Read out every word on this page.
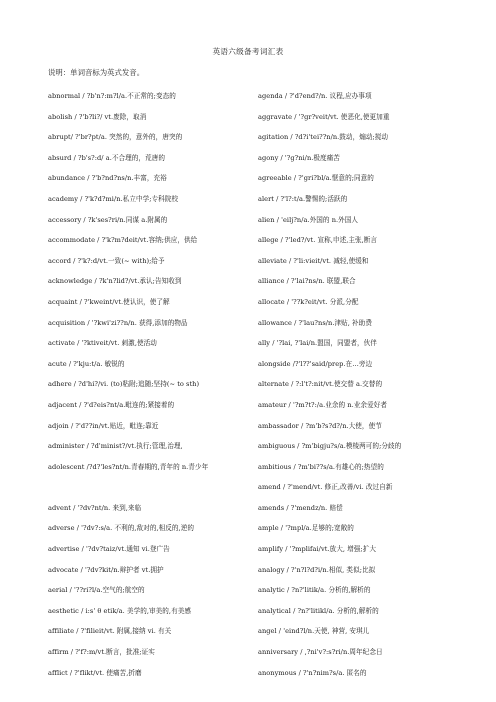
英语六级备考词汇表
说明：单词音标为英式发音。
abnormal / ?b'n?:m?l/a.不正常的;变态的
abolish / ?'b?li?/ vt.废除，取消
abrupt/ ?'br?pt/a. 突然的，意外的，唐突的
absurd / ?b's?:d/ a.不合理的，荒唐的
abundance / ?'b?nd?ns/n.丰富，充裕
academy / ?'k?d?mi/n.私立中学;专科院校
accessory / ?k'ses?ri/n.同谋 a.附属的
accommodate / ?'k?m?deit/vt.容纳;供应，供给
accord / ?'k?:d/vt.一致(~ with);给予
acknowledge / ?k'n?lid?/vt.承认;告知收到
acquaint / ?'kweint/vt.使认识，使了解
acquisition / '?kwi'zi??n/n. 获得,添加的物品
activate / '?ktiveit/vt. 刺激,使活动
acute / ?'kju:t/a. 敏锐的
adhere / ?d'hi?/vi. (to)粘附;追随;坚持(~ to sth)
adjacent / ?'d?eis?nt/a.毗连的;紧接着的
adjoin / ?'d??in/vt.贴近，毗连;靠近
administer / ?d'minist?/vt.执行;管理,治理,
adolescent /?d?'les?nt/n.青春期的,青年的 n.青少年
advent / '?dv?nt/n. 来到,来临
adverse / '?dv?:s/a. 不利的,敌对的,相反的,逆的
advertise / '?dv?taiz/vt.通知 vi.登广告
advocate / '?dv?kit/n.辩护者 vt.拥护
aerial / '??ri?l/a.空气的;航空的
aesthetic / i:s' θ etik/a. 美学的,审美的,有美感
affiliate / ?'filieit/vt. 附属,接纳 vi. 有关
affirm / ?'f?:m/vt.断言，批准;证实
afflict / ?'flikt/vt. 使痛苦,折磨
agenda / ?'d?end?/n. 议程,应办事项
aggravate / '?gr?veit/vt. 使恶化,使更加重
agitation / ?d?i'tei??n/n.鼓动，煽动;搅动
agony / '?g?ni/n.极度痛苦
agreeable / ?'gri?bl/a.惬意的;同意的
alert / ?'l?:t/a.警惕的;活跃的
alien / 'eilj?n/a.外国的 n.外国人
allege / ?'led?/vt. 宣称,申述,主张,断言
alleviate / ?'li:vieit/vt. 减轻,使缓和
alliance / ?'lai?ns/n. 联盟,联合
allocate / '??k?eit/vt. 分派,分配
allowance / ?'lau?ns/n.津贴, 补助费
ally / '?lai, ?'lai/n.盟国，同盟者，伙伴
alongside /?'l??'said/prep.在…旁边
alternate / ?:l't?:nit/vt.使交替 a.交替的
amateur / '?m?t?:/a.业余的 n.业余爱好者
ambassador / ?m'b?s?d?/n.大使，使节
ambiguous / ?m'bigju?s/a.模棱两可的;分歧的
ambitious / ?m'bi??s/a.有雄心的;热望的
amend / ?'mend/vt. 修正,改善/vi. 改过自新
amends / ?'mendz/n. 赔偿
ample / '?mpl/a.足够的;宽敞的
amplify / '?mplifai/vt.放大, 增强;扩大
analogy / ?'n?l?d?i/n.相似, 类似;比拟
analytic / ?n?'litik/a. 分析的,解析的
analytical / ?n?'litikl/a. 分析的,解析的
angel / 'eind?l/n.天使, 神营, 安琪儿
anniversary / ,?ni'v?:s?ri/n.周年纪念日
anonymous / ?'n?nim?s/a. 匿名的
